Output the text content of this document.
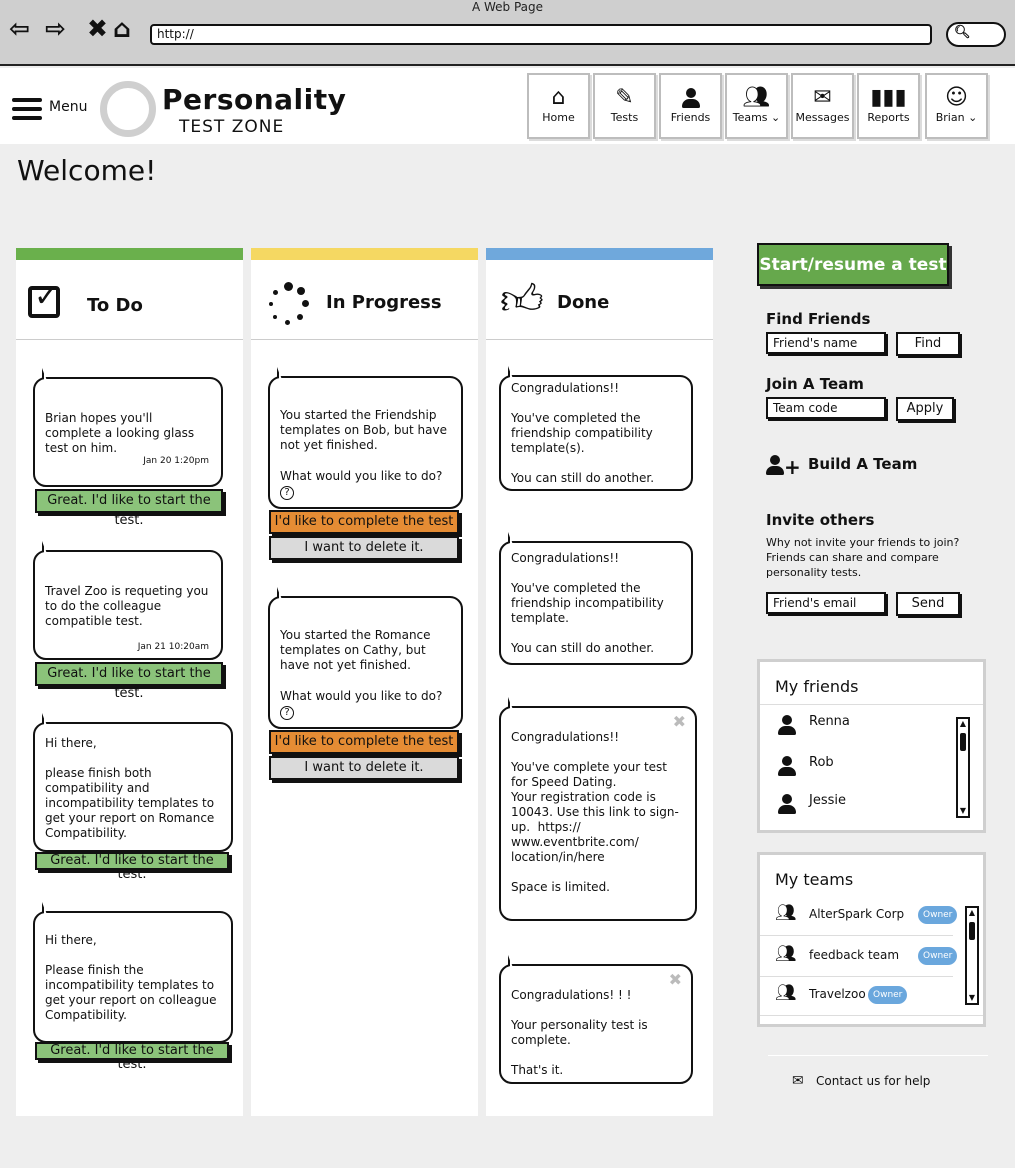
A Web Page
⇦ ⇨ ✖ ⌂	http://	🔍︎
Menu	Personality
TEST ZONE
⌂
Home
✎
Tests	Friends
👥︎
Teams ⌄
✉
Messages
▮▮▮
Reports
☺
Brian ⌄
Welcome!
✓ To Do
Brian hopes you'll complete a looking glass test on him.
Jan 20 1:20pm
Great. I'd like to start the test.
Travel Zoo is requeting you to do the colleague compatible test.
Jan 21 10:20am
Great. I'd like to start the test.
Hi there,

please finish both compatibility and incompatibility templates to get your report on Romance Compatibility.
Great. I'd like to start the test.
Hi there,

Please finish the incompatibility templates to get your report on colleague Compatibility.
Great. I'd like to start the test.
In Progress
You started the Friendship templates on Bob, but have not yet finished.
What would you like to do? ?
I'd like to complete the test
I want to delete it.
You started the Romance templates on Cathy, but have not yet finished.
What would you like to do? ?
I'd like to complete the test
I want to delete it.
👍︎ Done
Congradulations!!

You've completed the friendship compatibility template(s).

You can still do another.
Congradulations!!

You've completed the friendship incompatibility template.

You can still do another.
✖
Congradulations!!

You've complete your test for Speed Dating.
Your registration code is 10043. Use this link to sign-up.  https://
www.eventbrite.com/
location/in/here

Space is limited.
✖
Congradulations! ! !

Your personality test is complete.

That's it.
Start/resume a test
Find Friends
Friend's name	Find
Join A Team
Team code	Apply
+ Build A Team
Invite others
Why not invite your friends to join? Friends can share and compare personality tests.
Friend's email	Send
My friends
Renna
Rob
Jessie
▲
▼
My teams
👥︎ AlterSpark Corp	Owner
👥︎ feedback team	Owner
👥︎ Travelzoo Owner
▲
▼
✉ Contact us for help
